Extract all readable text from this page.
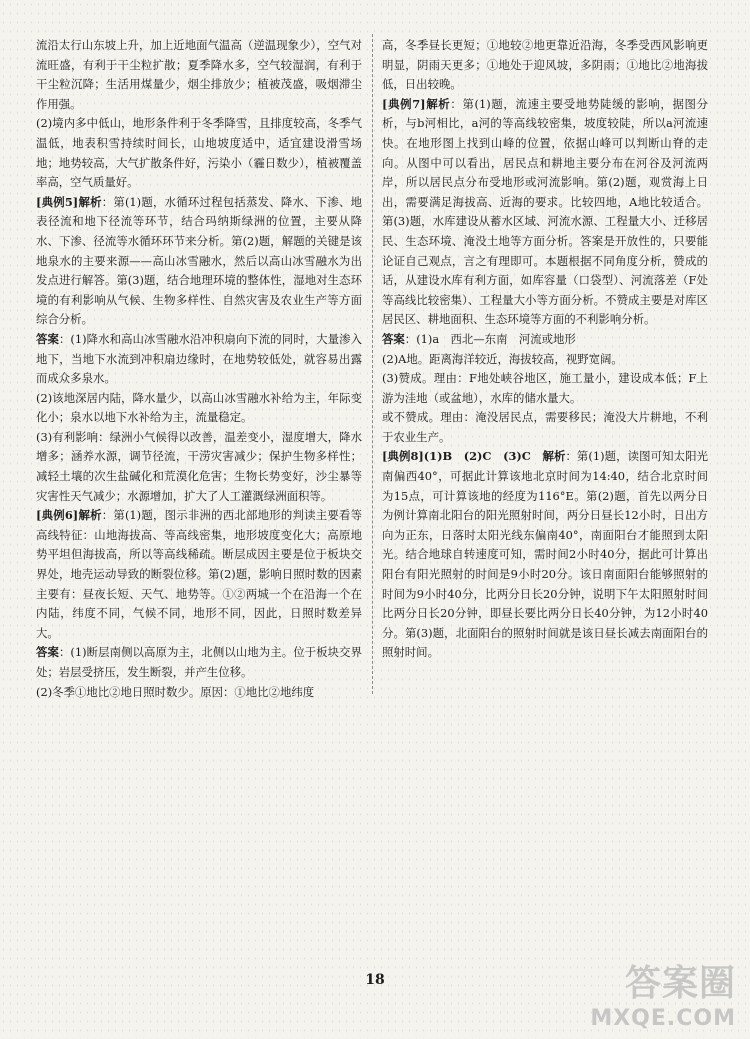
流沿太行山东坡上升，加上近地面气温高（逆温现象少），空气对流旺盛，有利于干尘粒扩散；夏季降水多，空气较湿润，有利于干尘粒沉降；生活用煤量少，烟尘排放少；植被茂盛，吸烟滞尘作用强。

(2)境内多中低山，地形条件利于冬季降雪，且排度较高，冬季气温低，地表积雪持续时间长，山地坡度适中，适宜建设滑雪场地；地势较高，大气扩散条件好，污染小（霾日数少），植被覆盖率高，空气质量好。

[典例5]解析：第(1)题，水循环过程包括蒸发、降水、下渗、地表径流和地下径流等环节，结合玛纳斯绿洲的位置，主要从降水、下渗、径流等水循环环节来分析。第(2)题，解题的关键是该地泉水的主要来源——高山冰雪融水，然后以高山冰雪融水为出发点进行解答。第(3)题，结合地理环境的整体性，湿地对生态环境的有利影响从气候、生物多样性、自然灾害及农业生产等方面综合分析。

答案：(1)降水和高山冰雪融水沿冲积扇向下流的同时，大量渗入地下，当地下水流到冲积扇边缘时，在地势较低处，就容易出露而成众多泉水。

(2)该地深居内陆，降水量少，以高山冰雪融水补给为主，年际变化小；泉水以地下水补给为主，流量稳定。

(3)有利影响：绿洲小气候得以改善，温差变小，湿度增大，降水增多；涵养水源，调节径流，干涝灾害减少；保护生物多样性；减轻土壤的次生盐碱化和荒漠化危害；生物长势变好，沙尘暴等灾害性天气减少；水源增加，扩大了人工灌溉绿洲面积等。

[典例6]解析：第(1)题，图示非洲的西北部地形的判读主要看等高线特征：山地海拔高、等高线密集，地形坡度变化大；高原地势平坦但海拔高，所以等高线稀疏。断层成因主要是位于板块交界处，地壳运动导致的断裂位移。第(2)题，影响日照时数的因素主要有：昼夜长短、天气、地势等。①②两城一个在沿海一个在内陆，纬度不同，气候不同，地形不同，因此，日照时数差异大。

答案：(1)断层南侧以高原为主，北侧以山地为主。位于板块交界处；岩层受挤压，发生断裂，并产生位移。

(2)冬季①地比②地日照时数少。原因：①地比②地纬度

高，冬季昼长更短；①地较②地更靠近沿海，冬季受西风影响更明显，阴雨天更多；①地处于迎风坡，多阴雨；①地比②地海拔低，日出较晚。

[典例7]解析：第(1)题，流速主要受地势陡缓的影响，据图分析，与b河相比，a河的等高线较密集，坡度较陡，所以a河流速快。在地形图上找到山峰的位置，依据山峰可以判断山脊的走向。从图中可以看出，居民点和耕地主要分布在河谷及河流两岸，所以居民点分布受地形或河流影响。第(2)题，观赏海上日出，需要满足海拔高、近海的要求。比较四地，A地比较适合。第(3)题，水库建设从蓄水区域、河流水源、工程量大小、迁移居民、生态环境、淹没土地等方面分析。答案是开放性的，只要能论证自己观点，言之有理即可。本题根据不同角度分析，赞成的话，从建设水库有利方面，如库容量（口袋型）、河流落差（F处等高线比较密集）、工程量大小等方面分析。不赞成主要是对库区居民区、耕地面积、生态环境等方面的不利影响分析。

答案：(1)a　西北—东南　河流或地形

(2)A地。距离海洋较近，海拔较高，视野宽阔。

(3)赞成。理由：F地处峡谷地区，施工量小，建设成本低；F上游为洼地（或盆地），水库的储水量大。

或不赞成。理由：淹没居民点，需要移民；淹没大片耕地，不利于农业生产。

[典例8](1)B　(2)C　(3)C　 解析：第(1)题，读图可知太阳光南偏西40°，可据此计算该地北京时间为14:40，结合北京时间为15点，可计算该地的经度为116°E。第(2)题，首先以两分日为例计算南北阳台的阳光照射时间，两分日昼长12小时，日出方向为正东，日落时太阳光线东偏南40°，南面阳台才能照到太阳光。结合地球自转速度可知，需时间2小时40分，据此可计算出阳台有阳光照射的时间是9小时20分。该日南面阳台能够照射的时间为9小时40分，比两分日长20分钟，说明下午太阳照射时间比两分日长20分钟，即昼长要比两分日长40分钟，为12小时40分。第(3)题，北面阳台的照射时间就是该日昼长减去南面阳台的照射时间。

18	答案圈
MXQE.COM
